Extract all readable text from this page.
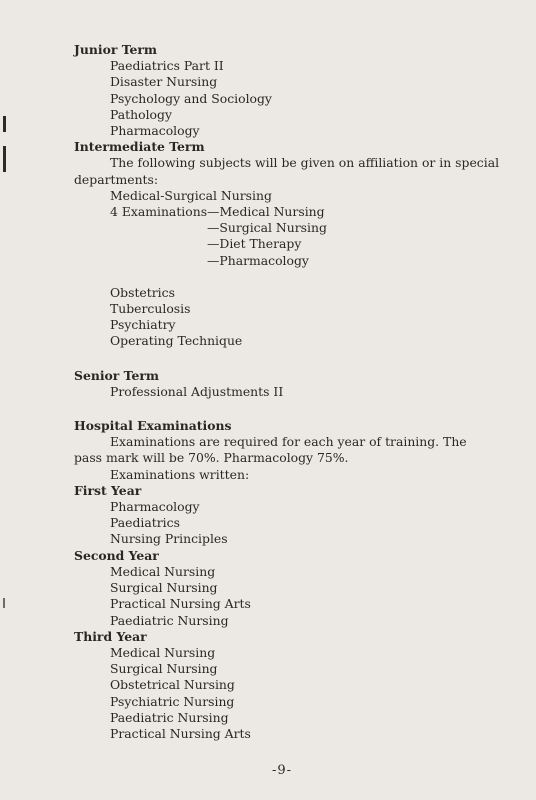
Junior Term
Paediatrics Part II
Disaster Nursing
Psychology and Sociology
Pathology
Pharmacology
Intermediate Term
The following subjects will be given on affiliation or in special
departments:
Medical-Surgical Nursing
4 Examinations—Medical Nursing
—Surgical Nursing
—Diet Therapy
—Pharmacology
Obstetrics
Tuberculosis
Psychiatry
Operating Technique
Senior Term
Professional Adjustments II
Hospital Examinations
Examinations are required for each year of training. The
pass mark will be 70%. Pharmacology 75%.
Examinations written:
First Year
Pharmacology
Paediatrics
Nursing Principles
Second Year
Medical Nursing
Surgical Nursing
Practical Nursing Arts
Paediatric Nursing
Third Year
Medical Nursing
Surgical Nursing
Obstetrical Nursing
Psychiatric Nursing
Paediatric Nursing
Practical Nursing Arts
-9-
